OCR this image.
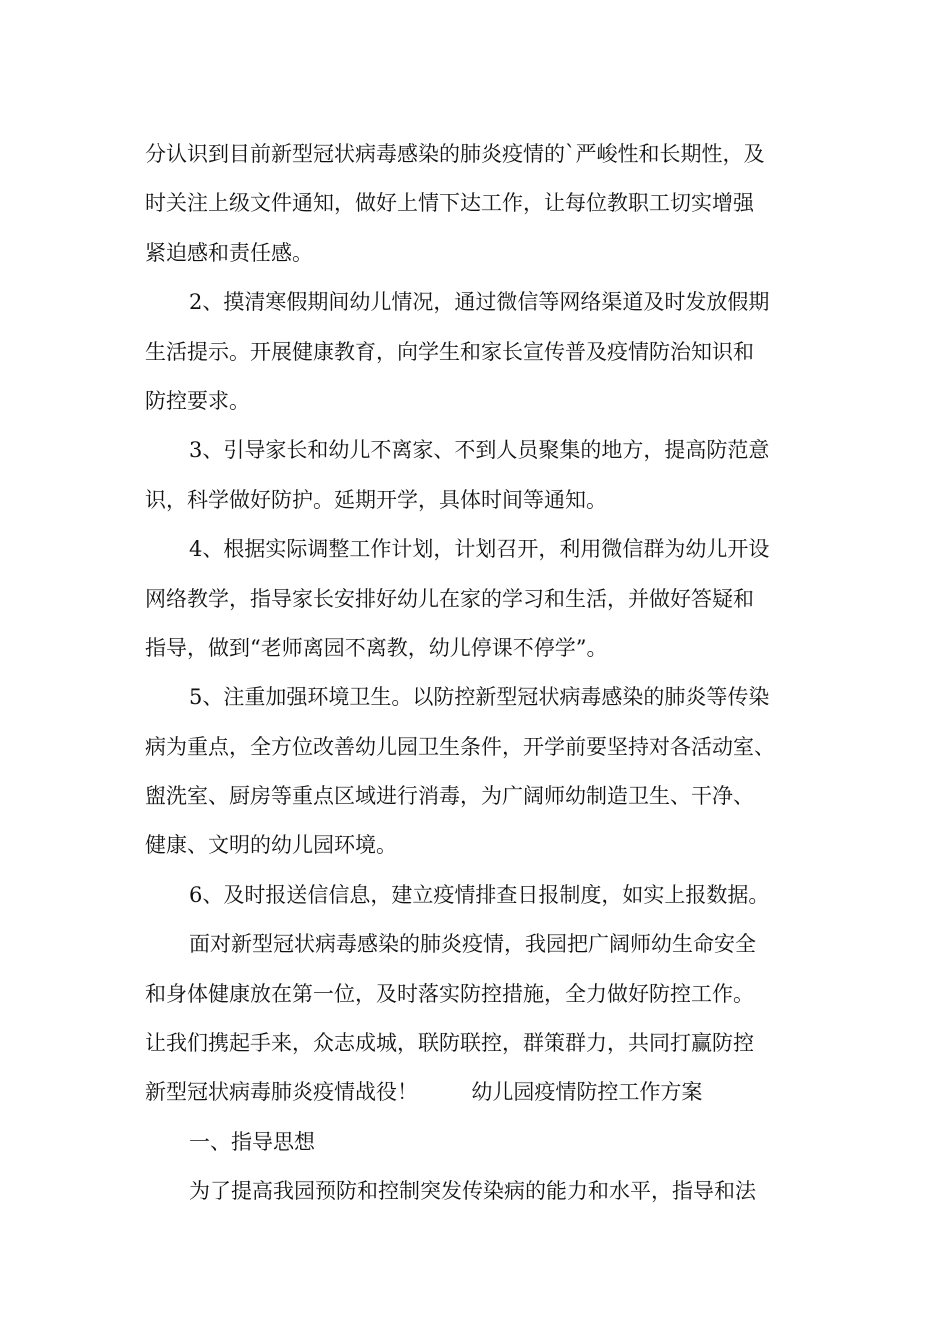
分认识到目前新型冠状病毒感染的肺炎疫情的`严峻性和长期性，及

时关注上级文件通知，做好上情下达工作，让每位教职工切实增强

紧迫感和责任感。

2、摸清寒假期间幼儿情况，通过微信等网络渠道及时发放假期

生活提示。开展健康教育，向学生和家长宣传普及疫情防治知识和

防控要求。

3、引导家长和幼儿不离家、不到人员聚集的地方，提高防范意

识，科学做好防护。延期开学，具体时间等通知。

4、根据实际调整工作计划，计划召开，利用微信群为幼儿开设

网络教学，指导家长安排好幼儿在家的学习和生活，并做好答疑和

指导，做到“老师离园不离教，幼儿停课不停学”。

5、注重加强环境卫生。以防控新型冠状病毒感染的肺炎等传染

病为重点，全方位改善幼儿园卫生条件，开学前要坚持对各活动室、

盥洗室、厨房等重点区域进行消毒，为广阔师幼制造卫生、干净、

健康、文明的幼儿园环境。

6、及时报送信信息，建立疫情排查日报制度，如实上报数据。

面对新型冠状病毒感染的肺炎疫情，我园把广阔师幼生命安全

和身体健康放在第一位，及时落实防控措施，全力做好防控工作。

让我们携起手来，众志成城，联防联控，群策群力，共同打赢防控

新型冠状病毒肺炎疫情战役！        幼儿园疫情防控工作方案

一、指导思想

为了提高我园预防和控制突发传染病的能力和水平，指导和法
